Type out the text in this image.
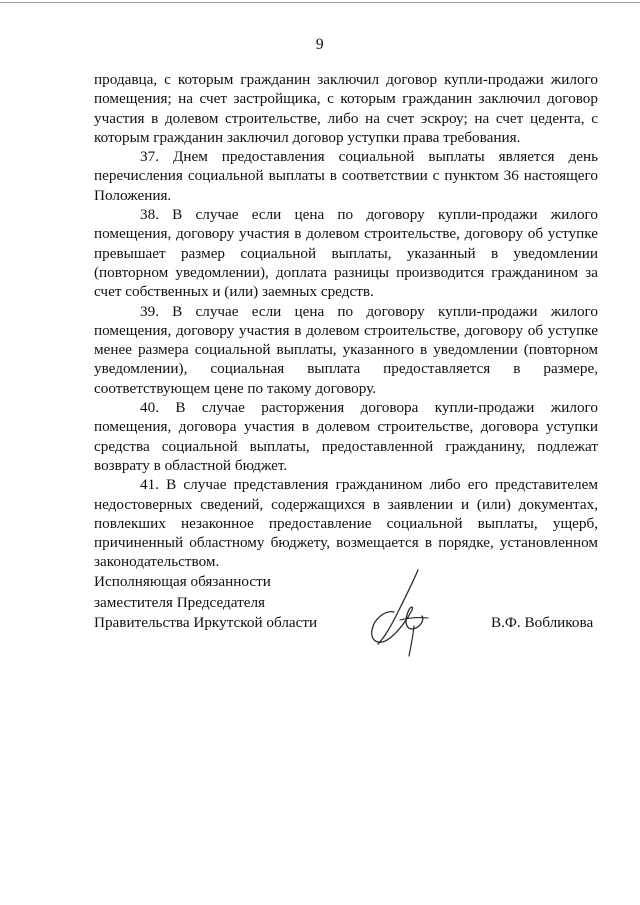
9

продавца, с которым гражданин заключил договор купли-продажи жилого помещения; на счет застройщика, с которым гражданин заключил договор участия в долевом строительстве, либо на счет эскроу; на счет цедента, с которым гражданин заключил договор уступки права требования.

37. Днем предоставления социальной выплаты является день перечисления социальной выплаты в соответствии с пунктом 36 настоящего Положения.

38. В случае если цена по договору купли-продажи жилого помещения, договору участия в долевом строительстве, договору об уступке превышает размер социальной выплаты, указанный в уведомлении (повторном уведомлении), доплата разницы производится гражданином за счет собственных и (или) заемных средств.

39. В случае если цена по договору купли-продажи жилого помещения, договору участия в долевом строительстве, договору об уступке менее размера социальной выплаты, указанного в уведомлении (повторном уведомлении), социальная выплата предоставляется в размере, соответствующем цене по такому договору.

40. В случае расторжения договора купли-продажи жилого помещения, договора участия в долевом строительстве, договора уступки средства социальной выплаты, предоставленной гражданину, подлежат возврату в областной бюджет.

41. В случае представления гражданином либо его представителем недостоверных сведений, содержащихся в заявлении и (или) документах, повлекших незаконное предоставление социальной выплаты, ущерб, причиненный областному бюджету, возмещается в порядке, установленном законодательством.

Исполняющая обязанности
заместителя Председателя
Правительства Иркутской области	В.Ф. Вобликова
